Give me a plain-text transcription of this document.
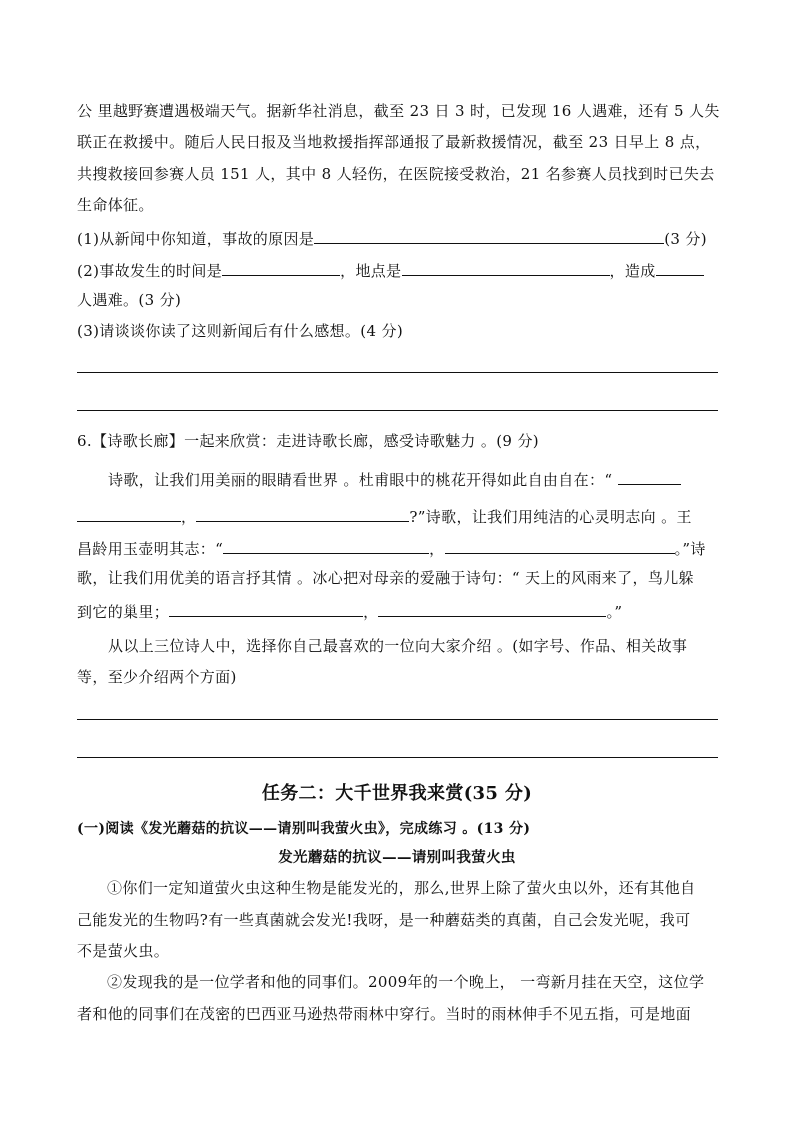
公 里越野赛遭遇极端天气。据新华社消息，截至 23 日 3 时，已发现 16 人遇难，还有 5 人失
联正在救援中。随后人民日报及当地救援指挥部通报了最新救援情况，截至 23 日早上 8 点，
共搜救接回参赛人员 151 人，其中 8 人轻伤，在医院接受救治，21 名参赛人员找到时已失去
生命体征。
(1)从新闻中你知道，事故的原因是	(3 分)
(2)事故发生的时间是	，地点是	，造成
人遇难。(3 分)
(3)请谈谈你读了这则新闻后有什么感想。(4 分)
6.【诗歌长廊】一起来欣赏：走进诗歌长廊，感受诗歌魅力 。(9 分)
诗歌，让我们用美丽的眼睛看世界 。杜甫眼中的桃花开得如此自由自在：“
，	?”诗歌，让我们用纯洁的心灵明志向 。王
昌龄用玉壶明其志：“	，	。”诗
歌，让我们用优美的语言抒其情 。冰心把对母亲的爱融于诗句：“ 天上的风雨来了，鸟儿躲
到它的巢里；	，	。”
从以上三位诗人中，选择你自己最喜欢的一位向大家介绍 。(如字号、作品、相关故事
等，至少介绍两个方面)
任务二：大千世界我来赏(35 分)
(一)阅读《发光蘑菇的抗议——请别叫我萤火虫》，完成练习 。(13 分)
发光蘑菇的抗议——请别叫我萤火虫
①你们一定知道萤火虫这种生物是能发光的，那么,世界上除了萤火虫以外，还有其他自
己能发光的生物吗?有一些真菌就会发光!我呀，是一种蘑菇类的真菌，自己会发光呢，我可
不是萤火虫。
②发现我的是一位学者和他的同事们。2009年的一个晚上， 一弯新月挂在天空，这位学
者和他的同事们在茂密的巴西亚马逊热带雨林中穿行。当时的雨林伸手不见五指，可是地面
